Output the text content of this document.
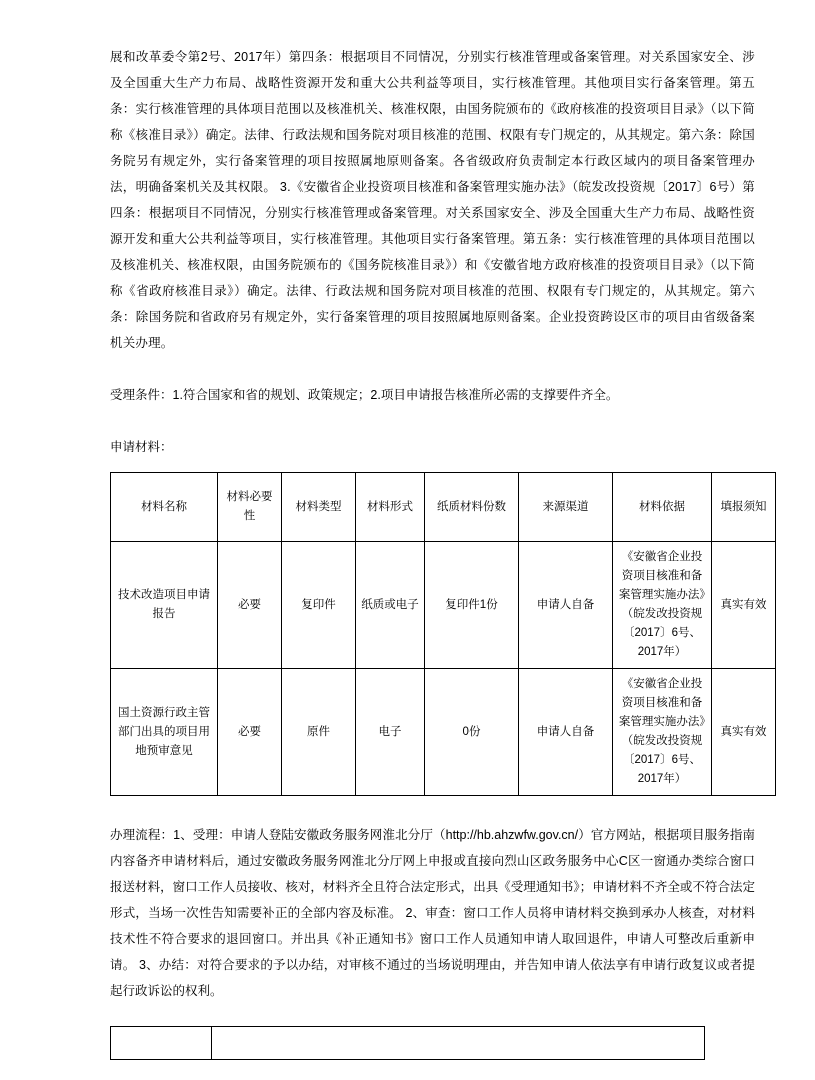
展和改革委令第2号、2017年）第四条：根据项目不同情况，分别实行核准管理或备案管理。对关系国家安全、涉及全国重大生产力布局、战略性资源开发和重大公共利益等项目，实行核准管理。其他项目实行备案管理。第五条：实行核准管理的具体项目范围以及核准机关、核准权限，由国务院颁布的《政府核准的投资项目目录》（以下简称《核准目录》）确定。法律、行政法规和国务院对项目核准的范围、权限有专门规定的，从其规定。第六条：除国务院另有规定外，实行备案管理的项目按照属地原则备案。各省级政府负责制定本行政区域内的项目备案管理办法，明确备案机关及其权限。 3.《安徽省企业投资项目核准和备案管理实施办法》（皖发改投资规〔2017〕6号）第四条：根据项目不同情况，分别实行核准管理或备案管理。对关系国家安全、涉及全国重大生产力布局、战略性资源开发和重大公共利益等项目，实行核准管理。其他项目实行备案管理。第五条：实行核准管理的具体项目范围以及核准机关、核准权限，由国务院颁布的《国务院核准目录》）和《安徽省地方政府核准的投资项目目录》（以下简称《省政府核准目录》）确定。法律、行政法规和国务院对项目核准的范围、权限有专门规定的，从其规定。第六条：除国务院和省政府另有规定外，实行备案管理的项目按照属地原则备案。企业投资跨设区市的项目由省级备案机关办理。

受理条件：1.符合国家和省的规划、政策规定；2.项目申请报告核准所必需的支撑要件齐全。

申请材料：

材料名称	材料必要性	材料类型	材料形式	纸质材料份数	来源渠道	材料依据	填报须知
技术改造项目申请报告	必要	复印件	纸质或电子	复印件1份	申请人自备	《安徽省企业投资项目核准和备案管理实施办法》（皖发改投资规〔2017〕6号、2017年）	真实有效
国土资源行政主管部门出具的项目用地预审意见	必要	原件	电子	0份	申请人自备	《安徽省企业投资项目核准和备案管理实施办法》（皖发改投资规〔2017〕6号、2017年）	真实有效

办理流程：1、受理：申请人登陆安徽政务服务网淮北分厅（http://hb.ahzwfw.gov.cn/）官方网站，根据项目服务指南内容备齐申请材料后，通过安徽政务服务网淮北分厅网上申报或直接向烈山区政务服务中心C区一窗通办类综合窗口报送材料，窗口工作人员接收、核对，材料齐全且符合法定形式，出具《受理通知书》；申请材料不齐全或不符合法定形式，当场一次性告知需要补正的全部内容及标准。 2、审查：窗口工作人员将申请材料交换到承办人核查，对材料技术性不符合要求的退回窗口。并出具《补正通知书》窗口工作人员通知申请人取回退件，申请人可整改后重新申请。 3、办结：对符合要求的予以办结，对审核不通过的当场说明理由，并告知申请人依法享有申请行政复议或者提起行政诉讼的权利。
